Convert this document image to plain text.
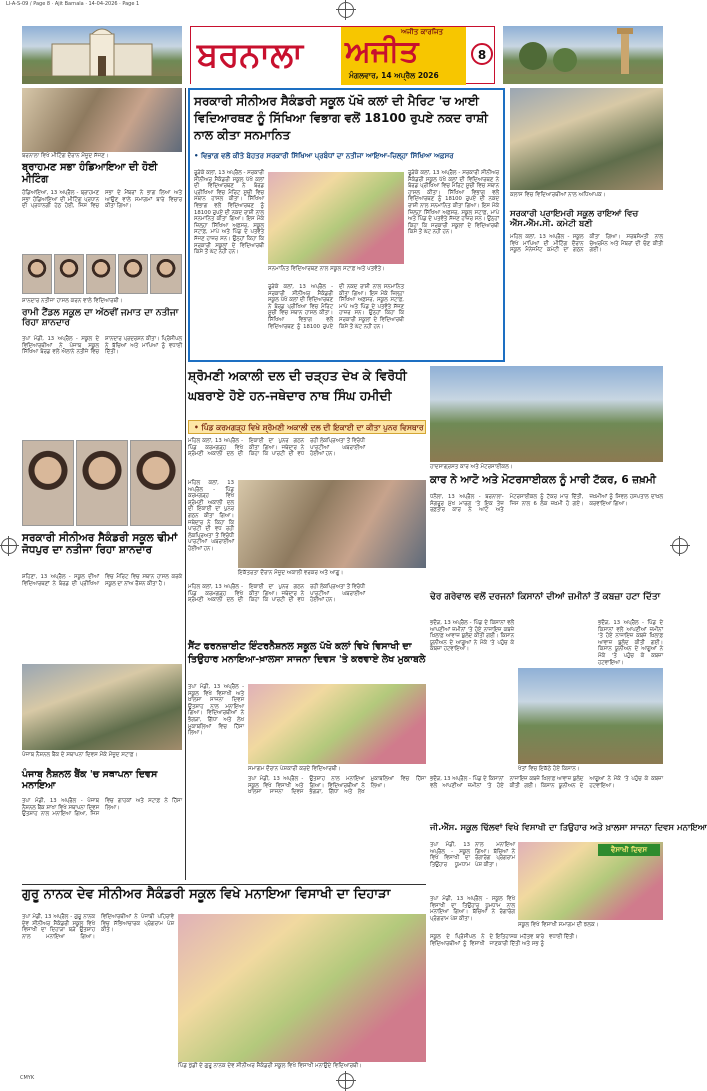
Ll-A-S-09 / Page 8 · Ajit Barnala · 14-04-2026 · Page 1
CMYK
ਬਰਨਾਲਾ
ਅਜੀਤ ਕਾਰਜਿਤ
ਅਜੀਤ
ਮੰਗਲਵਾਰ, 14 ਅਪ੍ਰੈਲ 2026
8
ਬਰਨਾਲਾ ਵਿਖੇ ਮੀਟਿੰਗ ਦੌਰਾਨ ਮੌਜੂਦ ਸੱਜਣ।
ਬ੍ਰਾਹਮਣ ਸਭਾ ਹੰਡਿਆਇਆ ਦੀ ਹੋਈ ਮੀਟਿੰਗ
ਹੰਡਿਆਇਆ, 13 ਅਪ੍ਰੈਲ - ਬ੍ਰਾਹਮਣ ਸਭਾ ਹੰਡਿਆਇਆ ਦੀ ਮੀਟਿੰਗ ਪ੍ਰਧਾਨ ਦੀ ਪ੍ਰਧਾਨਗੀ ਹੇਠ ਹੋਈ, ਜਿਸ ਵਿਚ ਸਭਾ ਦੇ ਮੈਂਬਰਾਂ ਨੇ ਭਾਗ ਲਿਆ ਅਤੇ ਆਉਣ ਵਾਲੇ ਸਮਾਗਮਾਂ ਬਾਰੇ ਵਿਚਾਰ ਕੀਤਾ ਗਿਆ।
ਸ਼ਾਨਦਾਰ ਨਤੀਜਾ ਹਾਸਲ ਕਰਨ ਵਾਲੇ ਵਿਦਿਆਰਥੀ।
ਰਾਮੀ ਟੈਂਡਲ ਸਕੂਲ ਦਾ ਅੱਠਵੀਂ ਜਮਾਤ ਦਾ ਨਤੀਜਾ ਰਿਹਾ ਸ਼ਾਨਦਾਰ
ਤਪਾ ਮੰਡੀ, 13 ਅਪ੍ਰੈਲ - ਸਕੂਲ ਦੇ ਵਿਦਿਆਰਥੀਆਂ ਨੇ ਪੰਜਾਬ ਸਕੂਲ ਸਿੱਖਿਆ ਬੋਰਡ ਵਲੋਂ ਐਲਾਨੇ ਨਤੀਜੇ ਵਿਚ ਸ਼ਾਨਦਾਰ ਪ੍ਰਦਰਸ਼ਨ ਕੀਤਾ। ਪ੍ਰਿੰਸੀਪਲ ਨੇ ਬੱਚਿਆਂ ਅਤੇ ਮਾਪਿਆਂ ਨੂੰ ਵਧਾਈ ਦਿੱਤੀ।
ਸਰਕਾਰੀ ਸੀਨੀਅਰ ਸੈਕੰਡਰੀ ਸਕੂਲ ਢੀਮਾਂ ਜੋਧਪੁਰ ਦਾ ਨਤੀਜਾ ਰਿਹਾ ਸ਼ਾਨਦਾਰ
ਸ਼ਹਿਣਾ, 13 ਅਪ੍ਰੈਲ - ਸਕੂਲ ਦੀਆਂ ਵਿਦਿਆਰਥਣਾਂ ਨੇ ਬੋਰਡ ਦੀ ਪ੍ਰੀਖਿਆ ਵਿਚ ਮੈਰਿਟ ਵਿਚ ਸਥਾਨ ਹਾਸਲ ਕਰਕੇ ਸਕੂਲ ਦਾ ਨਾਂਅ ਰੌਸ਼ਨ ਕੀਤਾ ਹੈ।
ਪੰਜਾਬ ਨੈਸ਼ਨਲ ਬੈਂਕ ਦੇ ਸਥਾਪਨਾ ਦਿਵਸ ਮੌਕੇ ਮੌਜੂਦ ਸਟਾਫ਼।
ਪੰਜਾਬ ਨੈਸ਼ਨਲ ਬੈਂਕ 'ਚ ਸਥਾਪਨਾ ਦਿਵਸ ਮਨਾਇਆ
ਤਪਾ ਮੰਡੀ, 13 ਅਪ੍ਰੈਲ - ਪੰਜਾਬ ਨੈਸ਼ਨਲ ਬੈਂਕ ਸ਼ਾਖਾ ਵਿਖੇ ਸਥਾਪਨਾ ਦਿਵਸ ਉਤਸ਼ਾਹ ਨਾਲ ਮਨਾਇਆ ਗਿਆ, ਜਿਸ ਵਿਚ ਗਾਹਕਾਂ ਅਤੇ ਸਟਾਫ਼ ਨੇ ਹਿੱਸਾ ਲਿਆ।
ਸਰਕਾਰੀ ਸੀਨੀਅਰ ਸੈਕੰਡਰੀ ਸਕੂਲ ਪੱਖੋ ਕਲਾਂ ਦੀ ਮੈਰਿਟ 'ਚ ਆਈ ਵਿਦਿਆਰਥਣ ਨੂੰ ਸਿੱਖਿਆ ਵਿਭਾਗ ਵਲੋਂ 18100 ਰੁਪਏ ਨਕਦ ਰਾਸ਼ੀ ਨਾਲ ਕੀਤਾ ਸਨਮਾਨਿਤ
• ਵਿਭਾਗ ਵਲੋਂ ਕੀਤੇ ਬੇਹਤਰ ਸਰਕਾਰੀ ਸਿੱਖਿਆ ਪ੍ਰਬੰਧਾਂ ਦਾ ਨਤੀਜਾ ਆਇਆ-ਜ਼ਿਲ੍ਹਾ ਸਿੱਖਿਆ ਅਫ਼ਸਰ
ਰੂੜੇਕੇ ਕਲਾਂ, 13 ਅਪ੍ਰੈਲ - ਸਰਕਾਰੀ ਸੀਨੀਅਰ ਸੈਕੰਡਰੀ ਸਕੂਲ ਪੱਖੋ ਕਲਾਂ ਦੀ ਵਿਦਿਆਰਥਣ ਨੇ ਬੋਰਡ ਪ੍ਰੀਖਿਆ ਵਿਚ ਮੈਰਿਟ ਸੂਚੀ ਵਿਚ ਸਥਾਨ ਹਾਸਲ ਕੀਤਾ। ਸਿੱਖਿਆ ਵਿਭਾਗ ਵਲੋਂ ਵਿਦਿਆਰਥਣ ਨੂੰ 18100 ਰੁਪਏ ਦੀ ਨਕਦ ਰਾਸ਼ੀ ਨਾਲ ਸਨਮਾਨਿਤ ਕੀਤਾ ਗਿਆ। ਇਸ ਮੌਕੇ ਜ਼ਿਲ੍ਹਾ ਸਿੱਖਿਆ ਅਫ਼ਸਰ, ਸਕੂਲ ਸਟਾਫ਼, ਮਾਪੇ ਅਤੇ ਪਿੰਡ ਦੇ ਪਤਵੰਤੇ ਸੱਜਣ ਹਾਜ਼ਰ ਸਨ। ਉਨ੍ਹਾਂ ਕਿਹਾ ਕਿ ਸਰਕਾਰੀ ਸਕੂਲਾਂ ਦੇ ਵਿਦਿਆਰਥੀ ਕਿਸੇ ਤੋਂ ਘੱਟ ਨਹੀਂ ਹਨ।
ਸਨਮਾਨਿਤ ਵਿਦਿਆਰਥਣ ਨਾਲ ਸਕੂਲ ਸਟਾਫ਼ ਅਤੇ ਪਤਵੰਤੇ।
ਰੂੜੇਕੇ ਕਲਾਂ, 13 ਅਪ੍ਰੈਲ - ਸਰਕਾਰੀ ਸੀਨੀਅਰ ਸੈਕੰਡਰੀ ਸਕੂਲ ਪੱਖੋ ਕਲਾਂ ਦੀ ਵਿਦਿਆਰਥਣ ਨੇ ਬੋਰਡ ਪ੍ਰੀਖਿਆ ਵਿਚ ਮੈਰਿਟ ਸੂਚੀ ਵਿਚ ਸਥਾਨ ਹਾਸਲ ਕੀਤਾ। ਸਿੱਖਿਆ ਵਿਭਾਗ ਵਲੋਂ ਵਿਦਿਆਰਥਣ ਨੂੰ 18100 ਰੁਪਏ ਦੀ ਨਕਦ ਰਾਸ਼ੀ ਨਾਲ ਸਨਮਾਨਿਤ ਕੀਤਾ ਗਿਆ। ਇਸ ਮੌਕੇ ਜ਼ਿਲ੍ਹਾ ਸਿੱਖਿਆ ਅਫ਼ਸਰ, ਸਕੂਲ ਸਟਾਫ਼, ਮਾਪੇ ਅਤੇ ਪਿੰਡ ਦੇ ਪਤਵੰਤੇ ਸੱਜਣ ਹਾਜ਼ਰ ਸਨ। ਉਨ੍ਹਾਂ ਕਿਹਾ ਕਿ ਸਰਕਾਰੀ ਸਕੂਲਾਂ ਦੇ ਵਿਦਿਆਰਥੀ ਕਿਸੇ ਤੋਂ ਘੱਟ ਨਹੀਂ ਹਨ।
ਰੂੜੇਕੇ ਕਲਾਂ, 13 ਅਪ੍ਰੈਲ - ਸਰਕਾਰੀ ਸੀਨੀਅਰ ਸੈਕੰਡਰੀ ਸਕੂਲ ਪੱਖੋ ਕਲਾਂ ਦੀ ਵਿਦਿਆਰਥਣ ਨੇ ਬੋਰਡ ਪ੍ਰੀਖਿਆ ਵਿਚ ਮੈਰਿਟ ਸੂਚੀ ਵਿਚ ਸਥਾਨ ਹਾਸਲ ਕੀਤਾ। ਸਿੱਖਿਆ ਵਿਭਾਗ ਵਲੋਂ ਵਿਦਿਆਰਥਣ ਨੂੰ 18100 ਰੁਪਏ ਦੀ ਨਕਦ ਰਾਸ਼ੀ ਨਾਲ ਸਨਮਾਨਿਤ ਕੀਤਾ ਗਿਆ। ਇਸ ਮੌਕੇ ਜ਼ਿਲ੍ਹਾ ਸਿੱਖਿਆ ਅਫ਼ਸਰ, ਸਕੂਲ ਸਟਾਫ਼, ਮਾਪੇ ਅਤੇ ਪਿੰਡ ਦੇ ਪਤਵੰਤੇ ਸੱਜਣ ਹਾਜ਼ਰ ਸਨ। ਉਨ੍ਹਾਂ ਕਿਹਾ ਕਿ ਸਰਕਾਰੀ ਸਕੂਲਾਂ ਦੇ ਵਿਦਿਆਰਥੀ ਕਿਸੇ ਤੋਂ ਘੱਟ ਨਹੀਂ ਹਨ।
ਕਲਾਸ ਵਿਚ ਵਿਦਿਆਰਥੀਆਂ ਨਾਲ ਅਧਿਆਪਕ।
ਸਰਕਾਰੀ ਪ੍ਰਾਇਮਰੀ ਸਕੂਲ ਰਾਇਆਂ ਵਿਚ ਐੱਸ.ਐੱਮ.ਸੀ. ਕਮੇਟੀ ਬਣੀ
ਮਹਿਲ ਕਲਾਂ, 13 ਅਪ੍ਰੈਲ - ਸਕੂਲ ਵਿਖੇ ਮਾਪਿਆਂ ਦੀ ਮੀਟਿੰਗ ਦੌਰਾਨ ਸਕੂਲ ਮੈਨੇਜਮੈਂਟ ਕਮੇਟੀ ਦਾ ਗਠਨ ਕੀਤਾ ਗਿਆ। ਸਰਬਸੰਮਤੀ ਨਾਲ ਚੇਅਰਮੈਨ ਅਤੇ ਮੈਂਬਰਾਂ ਦੀ ਚੋਣ ਕੀਤੀ ਗਈ।
ਸ਼੍ਰੋਮਣੀ ਅਕਾਲੀ ਦਲ ਦੀ ਚੜ੍ਹਤ ਦੇਖ ਕੇ ਵਿਰੋਧੀ ਘਬਰਾਏ ਹੋਏ ਹਨ-ਜਥੇਦਾਰ ਨਾਥ ਸਿੰਘ ਹਮੀਦੀ
• ਪਿੰਡ ਕਰਮਗੜ੍ਹ ਵਿਖੇ ਸ਼੍ਰੋਮਣੀ ਅਕਾਲੀ ਦਲ ਦੀ ਇਕਾਈ ਦਾ ਕੀਤਾ ਪੁਨਰ ਵਿਸਥਾਰ
ਮਹਿਲ ਕਲਾਂ, 13 ਅਪ੍ਰੈਲ - ਪਿੰਡ ਕਰਮਗੜ੍ਹ ਵਿਖੇ ਸ਼੍ਰੋਮਣੀ ਅਕਾਲੀ ਦਲ ਦੀ ਇਕਾਈ ਦਾ ਪੁਨਰ ਗਠਨ ਕੀਤਾ ਗਿਆ। ਜਥੇਦਾਰ ਨੇ ਕਿਹਾ ਕਿ ਪਾਰਟੀ ਦੀ ਵਧ ਰਹੀ ਲੋਕਪ੍ਰਿਅਤਾ ਤੋਂ ਵਿਰੋਧੀ ਪਾਰਟੀਆਂ ਘਬਰਾਈਆਂ ਹੋਈਆਂ ਹਨ।
ਮਹਿਲ ਕਲਾਂ, 13 ਅਪ੍ਰੈਲ - ਪਿੰਡ ਕਰਮਗੜ੍ਹ ਵਿਖੇ ਸ਼੍ਰੋਮਣੀ ਅਕਾਲੀ ਦਲ ਦੀ ਇਕਾਈ ਦਾ ਪੁਨਰ ਗਠਨ ਕੀਤਾ ਗਿਆ। ਜਥੇਦਾਰ ਨੇ ਕਿਹਾ ਕਿ ਪਾਰਟੀ ਦੀ ਵਧ ਰਹੀ ਲੋਕਪ੍ਰਿਅਤਾ ਤੋਂ ਵਿਰੋਧੀ ਪਾਰਟੀਆਂ ਘਬਰਾਈਆਂ ਹੋਈਆਂ ਹਨ।
ਇਕੱਤਰਤਾ ਦੌਰਾਨ ਮੌਜੂਦ ਅਕਾਲੀ ਵਰਕਰ ਅਤੇ ਆਗੂ।
ਮਹਿਲ ਕਲਾਂ, 13 ਅਪ੍ਰੈਲ - ਪਿੰਡ ਕਰਮਗੜ੍ਹ ਵਿਖੇ ਸ਼੍ਰੋਮਣੀ ਅਕਾਲੀ ਦਲ ਦੀ ਇਕਾਈ ਦਾ ਪੁਨਰ ਗਠਨ ਕੀਤਾ ਗਿਆ। ਜਥੇਦਾਰ ਨੇ ਕਿਹਾ ਕਿ ਪਾਰਟੀ ਦੀ ਵਧ ਰਹੀ ਲੋਕਪ੍ਰਿਅਤਾ ਤੋਂ ਵਿਰੋਧੀ ਪਾਰਟੀਆਂ ਘਬਰਾਈਆਂ ਹੋਈਆਂ ਹਨ।
ਹਾਦਸਾਗ੍ਰਸਤ ਕਾਰ ਅਤੇ ਮੋਟਰਸਾਈਕਲ।
ਕਾਰ ਨੇ ਆਟੋ ਅਤੇ ਮੋਟਰਸਾਈਕਲ ਨੂੰ ਮਾਰੀ ਟੱਕਰ, 6 ਜ਼ਖ਼ਮੀ
ਧਨੌਲਾ, 13 ਅਪ੍ਰੈਲ - ਬਰਨਾਲਾ-ਸੰਗਰੂਰ ਮੁੱਖ ਮਾਰਗ 'ਤੇ ਇਕ ਤੇਜ਼ ਰਫ਼ਤਾਰ ਕਾਰ ਨੇ ਆਟੋ ਅਤੇ ਮੋਟਰਸਾਈਕਲ ਨੂੰ ਟੱਕਰ ਮਾਰ ਦਿੱਤੀ, ਜਿਸ ਨਾਲ 6 ਲੋਕ ਜ਼ਖ਼ਮੀ ਹੋ ਗਏ। ਜ਼ਖ਼ਮੀਆਂ ਨੂੰ ਸਿਵਲ ਹਸਪਤਾਲ ਦਾਖ਼ਲ ਕਰਵਾਇਆ ਗਿਆ।
ਢੇਰ ਗਰੇਵਾਲ ਵਲੋਂ ਦਰਜਨਾਂ ਕਿਸਾਨਾਂ ਦੀਆਂ ਜ਼ਮੀਨਾਂ ਤੋਂ ਕਬਜ਼ਾ ਹਟਾ ਦਿੱਤਾ
ਭਦੌੜ, 13 ਅਪ੍ਰੈਲ - ਪਿੰਡ ਦੇ ਕਿਸਾਨਾਂ ਵਲੋਂ ਆਪਣੀਆਂ ਜ਼ਮੀਨਾਂ 'ਤੇ ਹੋਏ ਨਾਜਾਇਜ਼ ਕਬਜ਼ੇ ਖ਼ਿਲਾਫ਼ ਆਵਾਜ਼ ਬੁਲੰਦ ਕੀਤੀ ਗਈ। ਕਿਸਾਨ ਯੂਨੀਅਨ ਦੇ ਆਗੂਆਂ ਨੇ ਮੌਕੇ 'ਤੇ ਪਹੁੰਚ ਕੇ ਕਬਜ਼ਾ ਹਟਵਾਇਆ।
ਭਦੌੜ, 13 ਅਪ੍ਰੈਲ - ਪਿੰਡ ਦੇ ਕਿਸਾਨਾਂ ਵਲੋਂ ਆਪਣੀਆਂ ਜ਼ਮੀਨਾਂ 'ਤੇ ਹੋਏ ਨਾਜਾਇਜ਼ ਕਬਜ਼ੇ ਖ਼ਿਲਾਫ਼ ਆਵਾਜ਼ ਬੁਲੰਦ ਕੀਤੀ ਗਈ। ਕਿਸਾਨ ਯੂਨੀਅਨ ਦੇ ਆਗੂਆਂ ਨੇ ਮੌਕੇ 'ਤੇ ਪਹੁੰਚ ਕੇ ਕਬਜ਼ਾ ਹਟਵਾਇਆ।
ਖੇਤਾਂ ਵਿਚ ਇਕੱਠੇ ਹੋਏ ਕਿਸਾਨ।
ਭਦੌੜ, 13 ਅਪ੍ਰੈਲ - ਪਿੰਡ ਦੇ ਕਿਸਾਨਾਂ ਵਲੋਂ ਆਪਣੀਆਂ ਜ਼ਮੀਨਾਂ 'ਤੇ ਹੋਏ ਨਾਜਾਇਜ਼ ਕਬਜ਼ੇ ਖ਼ਿਲਾਫ਼ ਆਵਾਜ਼ ਬੁਲੰਦ ਕੀਤੀ ਗਈ। ਕਿਸਾਨ ਯੂਨੀਅਨ ਦੇ ਆਗੂਆਂ ਨੇ ਮੌਕੇ 'ਤੇ ਪਹੁੰਚ ਕੇ ਕਬਜ਼ਾ ਹਟਵਾਇਆ।
ਸੈਂਟ ਫਰਨਜ਼ਾਈਟ ਇੰਟਰਨੈਸ਼ਨਲ ਸਕੂਲ ਪੱਖੋ ਕਲਾਂ ਵਿਖੇ ਵਿਸਾਖੀ ਦਾ ਤਿਉਹਾਰ ਮਨਾਇਆ-ਖ਼ਾਲਸਾ ਸਾਜਨਾ ਦਿਵਸ 'ਤੇ ਕਰਵਾਏ ਲੇਖ ਮੁਕਾਬਲੇ
ਤਪਾ ਮੰਡੀ, 13 ਅਪ੍ਰੈਲ - ਸਕੂਲ ਵਿਖੇ ਵਿਸਾਖੀ ਅਤੇ ਖ਼ਾਲਸਾ ਸਾਜਨਾ ਦਿਵਸ ਉਤਸ਼ਾਹ ਨਾਲ ਮਨਾਇਆ ਗਿਆ। ਵਿਦਿਆਰਥੀਆਂ ਨੇ ਭੰਗੜਾ, ਗਿੱਧਾ ਅਤੇ ਲੇਖ ਮੁਕਾਬਲਿਆਂ ਵਿਚ ਹਿੱਸਾ ਲਿਆ।
ਸਮਾਗਮ ਦੌਰਾਨ ਪੇਸ਼ਕਾਰੀ ਕਰਦੇ ਵਿਦਿਆਰਥੀ।
ਤਪਾ ਮੰਡੀ, 13 ਅਪ੍ਰੈਲ - ਸਕੂਲ ਵਿਖੇ ਵਿਸਾਖੀ ਅਤੇ ਖ਼ਾਲਸਾ ਸਾਜਨਾ ਦਿਵਸ ਉਤਸ਼ਾਹ ਨਾਲ ਮਨਾਇਆ ਗਿਆ। ਵਿਦਿਆਰਥੀਆਂ ਨੇ ਭੰਗੜਾ, ਗਿੱਧਾ ਅਤੇ ਲੇਖ ਮੁਕਾਬਲਿਆਂ ਵਿਚ ਹਿੱਸਾ ਲਿਆ।
ਜੀ.ਐੱਸ. ਸਕੂਲ ਢਿੱਲਵਾਂ ਵਿਖੇ ਵਿਸਾਖੀ ਦਾ ਤਿਉਹਾਰ ਅਤੇ ਖ਼ਾਲਸਾ ਸਾਜਨਾ ਦਿਵਸ ਮਨਾਇਆ
ਤਪਾ ਮੰਡੀ, 13 ਅਪ੍ਰੈਲ - ਸਕੂਲ ਵਿਖੇ ਵਿਸਾਖੀ ਦਾ ਤਿਉਹਾਰ ਧੂਮਧਾਮ ਨਾਲ ਮਨਾਇਆ ਗਿਆ। ਬੱਚਿਆਂ ਨੇ ਰੰਗਾਰੰਗ ਪ੍ਰੋਗਰਾਮ ਪੇਸ਼ ਕੀਤਾ।
ਵੈਸਾਖੀ ਦਿਵਸ
ਸਕੂਲ ਵਿਖੇ ਵਿਸਾਖੀ ਸਮਾਗਮ ਦੀ ਝਲਕ।
ਤਪਾ ਮੰਡੀ, 13 ਅਪ੍ਰੈਲ - ਸਕੂਲ ਵਿਖੇ ਵਿਸਾਖੀ ਦਾ ਤਿਉਹਾਰ ਧੂਮਧਾਮ ਨਾਲ ਮਨਾਇਆ ਗਿਆ। ਬੱਚਿਆਂ ਨੇ ਰੰਗਾਰੰਗ ਪ੍ਰੋਗਰਾਮ ਪੇਸ਼ ਕੀਤਾ।
ਗੁਰੂ ਨਾਨਕ ਦੇਵ ਸੀਨੀਅਰ ਸੈਕੰਡਰੀ ਸਕੂਲ ਵਿਖੇ ਮਨਾਇਆ ਵਿਸਾਖੀ ਦਾ ਦਿਹਾੜਾ
ਤਪਾ ਮੰਡੀ, 13 ਅਪ੍ਰੈਲ - ਗੁਰੂ ਨਾਨਕ ਦੇਵ ਸੀਨੀਅਰ ਸੈਕੰਡਰੀ ਸਕੂਲ ਵਿਖੇ ਵਿਸਾਖੀ ਦਾ ਦਿਹਾੜਾ ਬੜੇ ਉਤਸ਼ਾਹ ਨਾਲ ਮਨਾਇਆ ਗਿਆ। ਵਿਦਿਆਰਥੀਆਂ ਨੇ ਪੰਜਾਬੀ ਪਹਿਰਾਵੇ ਵਿਚ ਸੱਭਿਆਚਾਰਕ ਪ੍ਰੋਗਰਾਮ ਪੇਸ਼ ਕੀਤੇ।
ਪਿੰਡ ਖੁੱਡੀ ਦੇ ਗੁਰੂ ਨਾਨਕ ਦੇਵ ਸੀਨੀਅਰ ਸੈਕੰਡਰੀ ਸਕੂਲ ਵਿਖੇ ਵਿਸਾਖੀ ਮਨਾਉਂਦੇ ਵਿਦਿਆਰਥੀ।
ਸਕੂਲ ਦੇ ਪ੍ਰਿੰਸੀਪਲ ਨੇ ਵਿਦਿਆਰਥੀਆਂ ਨੂੰ ਵਿਸਾਖੀ ਦੇ ਇਤਿਹਾਸਕ ਮਹੱਤਵ ਬਾਰੇ ਜਾਣਕਾਰੀ ਦਿੱਤੀ ਅਤੇ ਸਭ ਨੂੰ ਵਧਾਈ ਦਿੱਤੀ।
